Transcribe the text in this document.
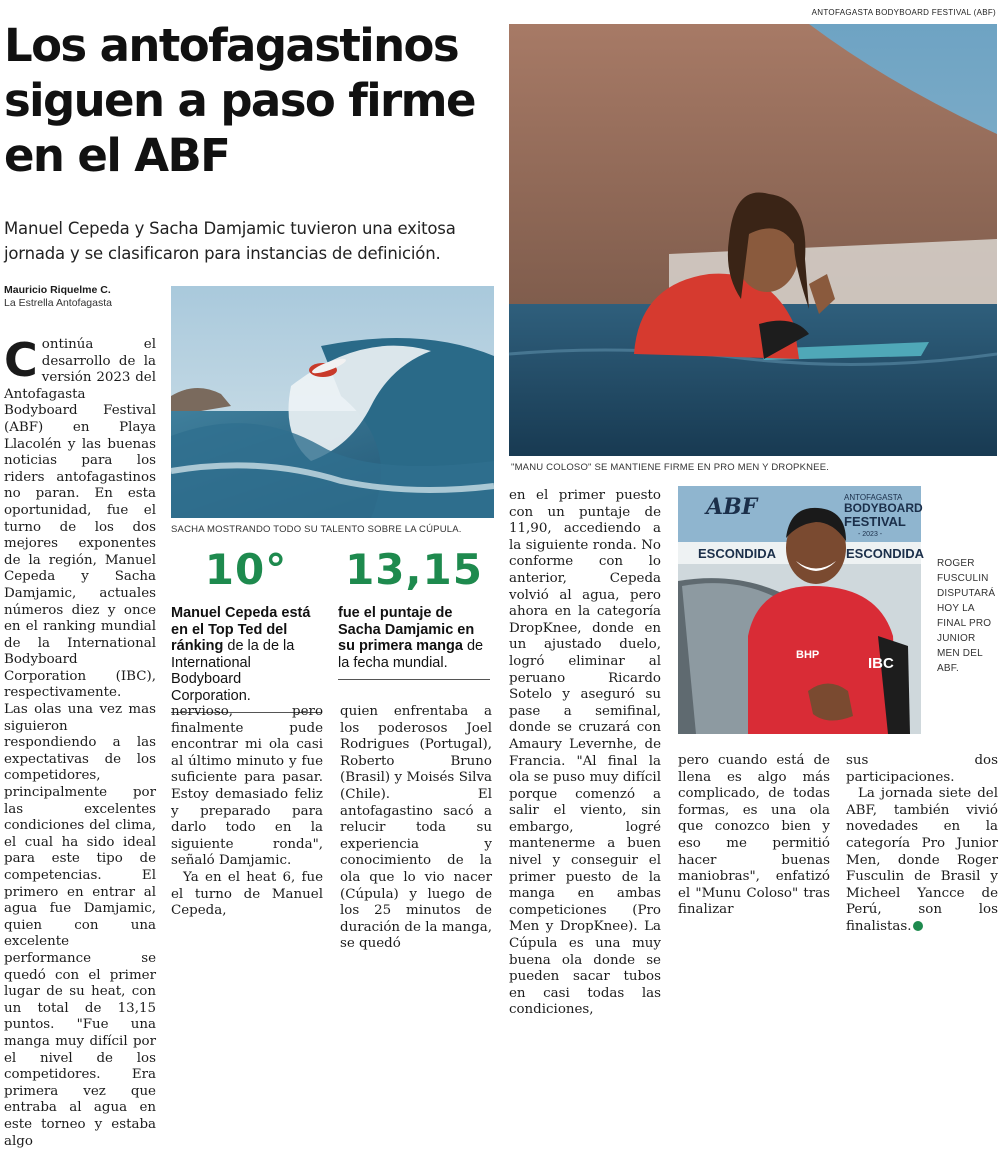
ANTOFAGASTA BODYBOARD FESTIVAL (ABF)
Los antofagastinos siguen a paso firme en el ABF
Manuel Cepeda y Sacha Damjamic tuvieron una exitosa jornada y se clasificaron para instancias de definición.
Mauricio Riquelme C.
La Estrella Antofagasta
SACHA MOSTRANDO TODO SU TALENTO SOBRE LA CÚPULA.
"MANU COLOSO" SE MANTIENE FIRME EN PRO MEN Y DROPKNEE.
ABF	ANTOFAGASTA
BODYBOARD
FESTIVAL
- 2023 -
ESCONDIDA	ESCONDIDA
BHP	IBC
ROGER FUSCULIN DISPUTARÁ HOY LA FINAL PRO JUNIOR MEN DEL ABF.
10°
Manuel Cepeda está en el Top Ted del ránking de la de la International Bodyboard Corporation.
13,15
fue el puntaje de Sacha Damjamic en su primera manga de la fecha mundial.

Continúa el desarrollo de la versión 2023 del Antofagasta Bodyboard Festival (ABF) en Playa Llacolén y las buenas noticias para los riders antofagastinos no paran. En esta oportunidad, fue el turno de los dos mejores exponentes de la región, Manuel Cepeda y Sacha Damjamic, actuales números diez y once en el ranking mundial de la International Bodyboard Corporation (IBC), respectivamente.

Las olas una vez mas siguieron respondiendo a las expectativas de los competidores, principalmente por las excelentes condiciones del clima, el cual ha sido ideal para este tipo de competencias. El primero en entrar al agua fue Damjamic, quien con una excelente performance se quedó con el primer lugar de su heat, con un total de 13,15 puntos. "Fue una manga muy difícil por el nivel de los competidores. Era primera vez que entraba al agua en este torneo y estaba algo

nervioso, pero finalmente pude encontrar mi ola casi al último minuto y fue suficiente para pasar. Estoy demasiado feliz y preparado para darlo todo en la siguiente ronda", señaló Damjamic.

Ya en el heat 6, fue el turno de Manuel Cepeda,

quien enfrentaba a los poderosos Joel Rodrigues (Portugal), Roberto Bruno (Brasil) y Moisés Silva (Chile). El antofagastino sacó a relucir toda su experiencia y conocimiento de la ola que lo vio nacer (Cúpula) y luego de los 25 minutos de duración de la manga, se quedó

en el primer puesto con un puntaje de 11,90, accediendo a la siguiente ronda. No conforme con lo anterior, Cepeda volvió al agua, pero ahora en la categoría DropKnee, donde en un ajustado duelo, logró eliminar al peruano Ricardo Sotelo y aseguró su pase a semifinal, donde se cruzará con Amaury Levernhe, de Francia. "Al final la ola se puso muy difícil porque comenzó a salir el viento, sin embargo, logré mantenerme a buen nivel y conseguir el primer puesto de la manga en ambas competiciones (Pro Men y DropKnee). La Cúpula es una muy buena ola donde se pueden sacar tubos en casi todas las condiciones,

pero cuando está de llena es algo más complicado, de todas formas, es una ola que conozco bien y eso me permitió hacer buenas maniobras", enfatizó el "Munu Coloso" tras finalizar

sus dos participaciones.

La jornada siete del ABF, también vivió novedades en la categoría Pro Junior Men, donde Roger Fusculin de Brasil y Micheel Yancce de Perú, son los finalistas.
